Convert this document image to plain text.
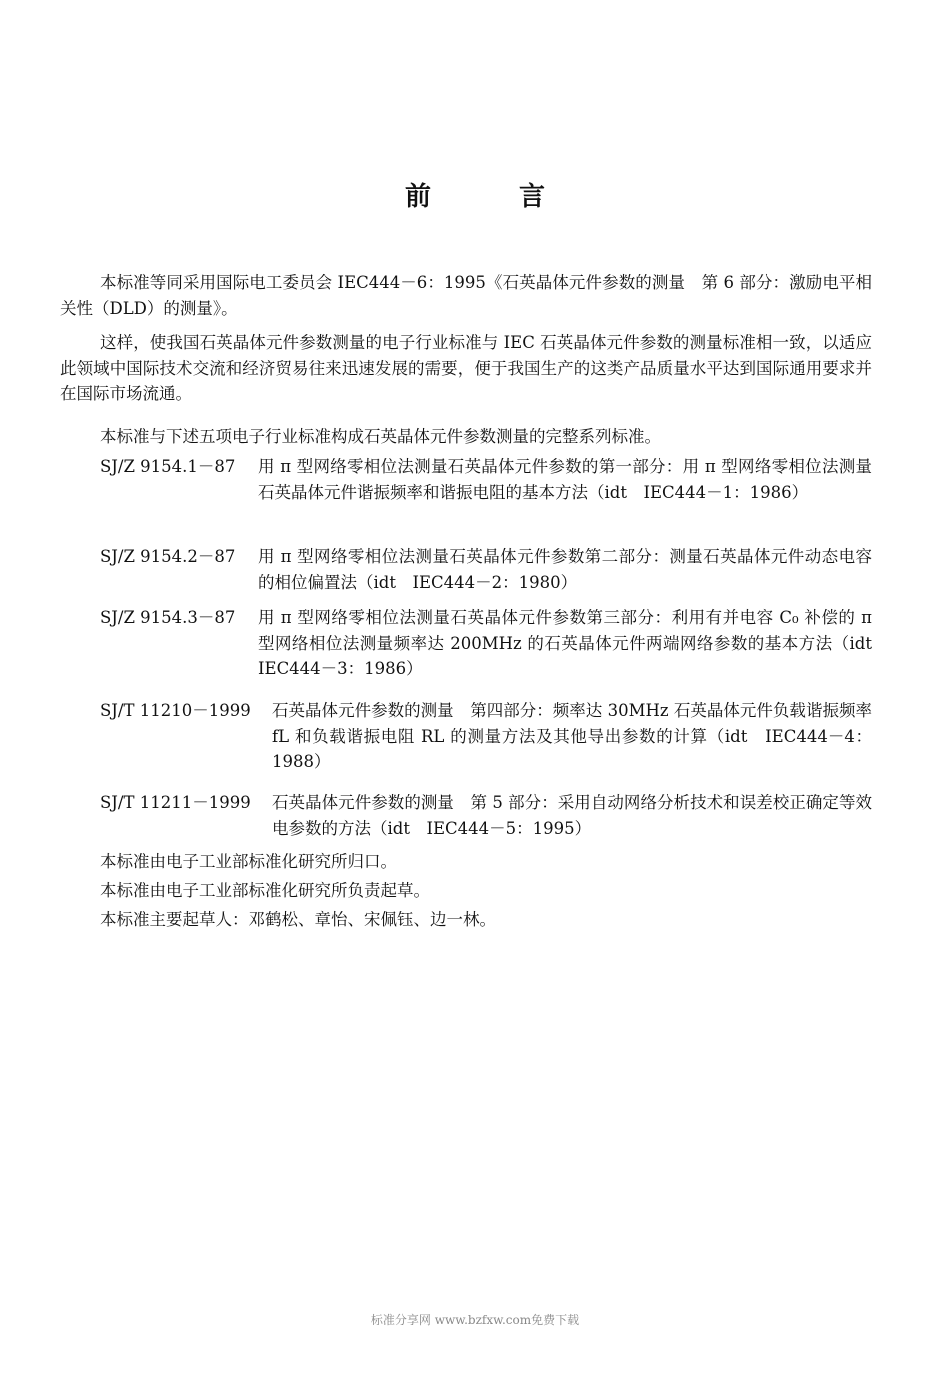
前	言
本标准等同采用国际电工委员会 IEC444－6：1995《石英晶体元件参数的测量　第 6 部分：激励电平相关性（DLD）的测量》。
这样，使我国石英晶体元件参数测量的电子行业标准与 IEC 石英晶体元件参数的测量标准相一致，以适应此领域中国际技术交流和经济贸易往来迅速发展的需要，便于我国生产的这类产品质量水平达到国际通用要求并在国际市场流通。
本标准与下述五项电子行业标准构成石英晶体元件参数测量的完整系列标准。
SJ/Z 9154.1－87 用 π 型网络零相位法测量石英晶体元件参数的第一部分：用 π 型网络零相位法测量石英晶体元件谐振频率和谐振电阻的基本方法（idt　IEC444－1：1986）
SJ/Z 9154.2－87 用 π 型网络零相位法测量石英晶体元件参数第二部分：测量石英晶体元件动态电容的相位偏置法（idt　IEC444－2：1980）
SJ/Z 9154.3－87 用 π 型网络零相位法测量石英晶体元件参数第三部分：利用有并电容 C₀ 补偿的 π 型网络相位法测量频率达 200MHz 的石英晶体元件两端网络参数的基本方法（idt　IEC444－3：1986）
SJ/T 11210－1999 石英晶体元件参数的测量　第四部分：频率达 30MHz 石英晶体元件负载谐振频率 fL 和负载谐振电阻 RL 的测量方法及其他导出参数的计算（idt　IEC444－4：1988）
SJ/T 11211－1999 石英晶体元件参数的测量　第 5 部分：采用自动网络分析技术和误差校正确定等效电参数的方法（idt　IEC444－5：1995）
本标准由电子工业部标准化研究所归口。
本标准由电子工业部标准化研究所负责起草。
本标准主要起草人：邓鹤松、章怡、宋佩钰、边一林。
标准分享网 www.bzfxw.com免费下载
